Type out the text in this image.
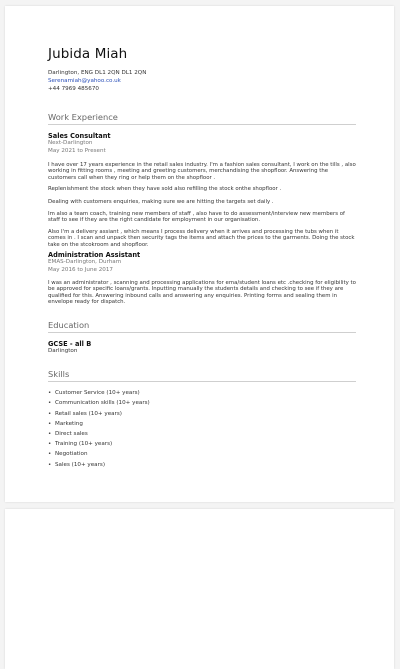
Jubida Miah
Darlington, ENG DL1 2QN DL1 2QN
Serenamiah@yahoo.co.uk
+44 7969 485670
Work Experience
Sales Consultant
Next-Darlington
May 2021 to Present

I have over 17 years experience in the retail sales industry. I'm a fashion sales consultant, I work on the tills , also working in fitting rooms , meeting and greeting customers, merchandising the shopfloor. Answering the customers call when they ring or help them on the shopfloor .

Replenishment the stock when they have sold also refilling the stock onthe shopfloor .

Dealing with customers enquiries, making sure we are hitting the targets set daily .

Im also a team coach, training new members of staff , also have to do assessment/interview new members of staff to see if they are the right candidate for employment in our organisation.

Also I'm a delivery assiant , which means I process delivery when it arrives and processing the tubs when it comes in . I scan and unpack then security tags the items and attach the prices to the garments. Doing the stock take on the stcokroom and shopfloor.

Administration Assistant
EMAS-Darlington, Durham
May 2016 to June 2017

I was an administrator , scanning and processing applications for ema/student loans etc .checking for eligibility to be approved for specific loans/grants. Inputting manually the students details and checking to see if they are qualified for this. Answering inbound calls and answering any enquiries. Printing forms and sealing them in envelope ready for dispatch.

Education
GCSE - all B
Darlington
Skills
• Customer Service (10+ years)
• Communication skills (10+ years)
• Retail sales (10+ years)
• Marketing
• Direct sales
• Training (10+ years)
• Negotiation
• Sales (10+ years)
